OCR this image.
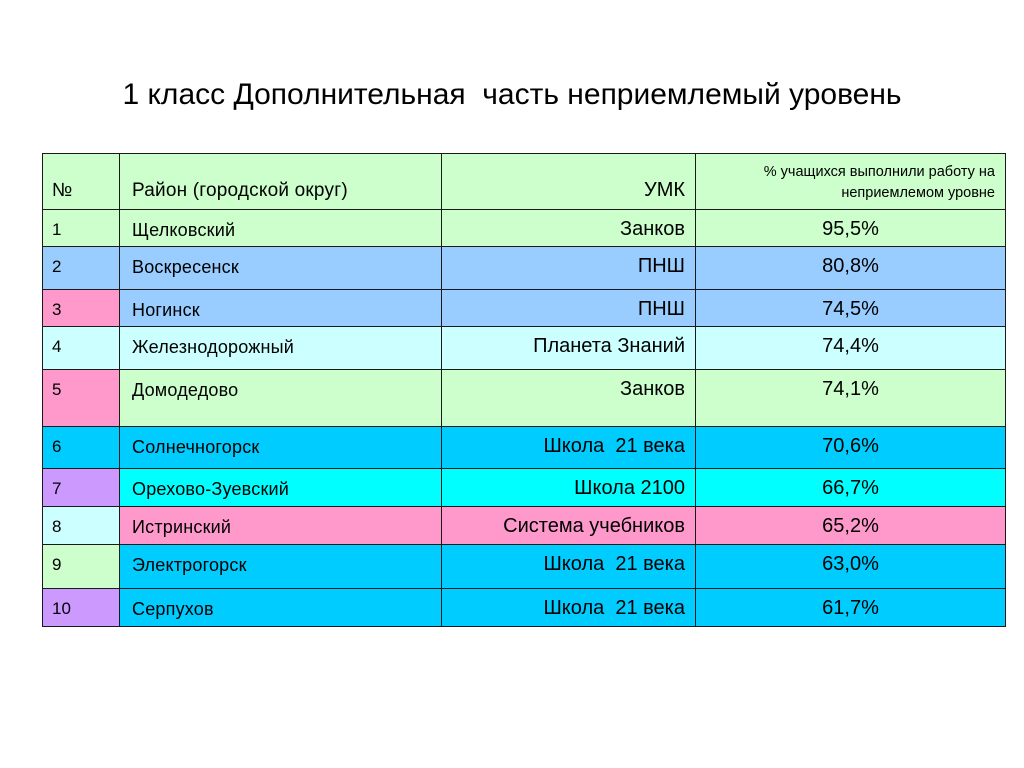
1 класс Дополнительная  часть неприемлемый уровень
№	Район (городской округ)	УМК	% учащихся выполнили работу на
неприемлемом уровне

1	Щелковский	Занков	95,5%
2	Воскресенск	ПНШ	80,8%
3	Ногинск	ПНШ	74,5%
4	Железнодорожный	Планета Знаний	74,4%
5	Домодедово	Занков	74,1%
6	Солнечногорск	Школа  21 века	70,6%
7	Орехово-Зуевский	Школа 2100	66,7%
8	Истринский	Система учебников	65,2%
9	Электрогорск	Школа  21 века	63,0%
10	Серпухов	Школа  21 века	61,7%
